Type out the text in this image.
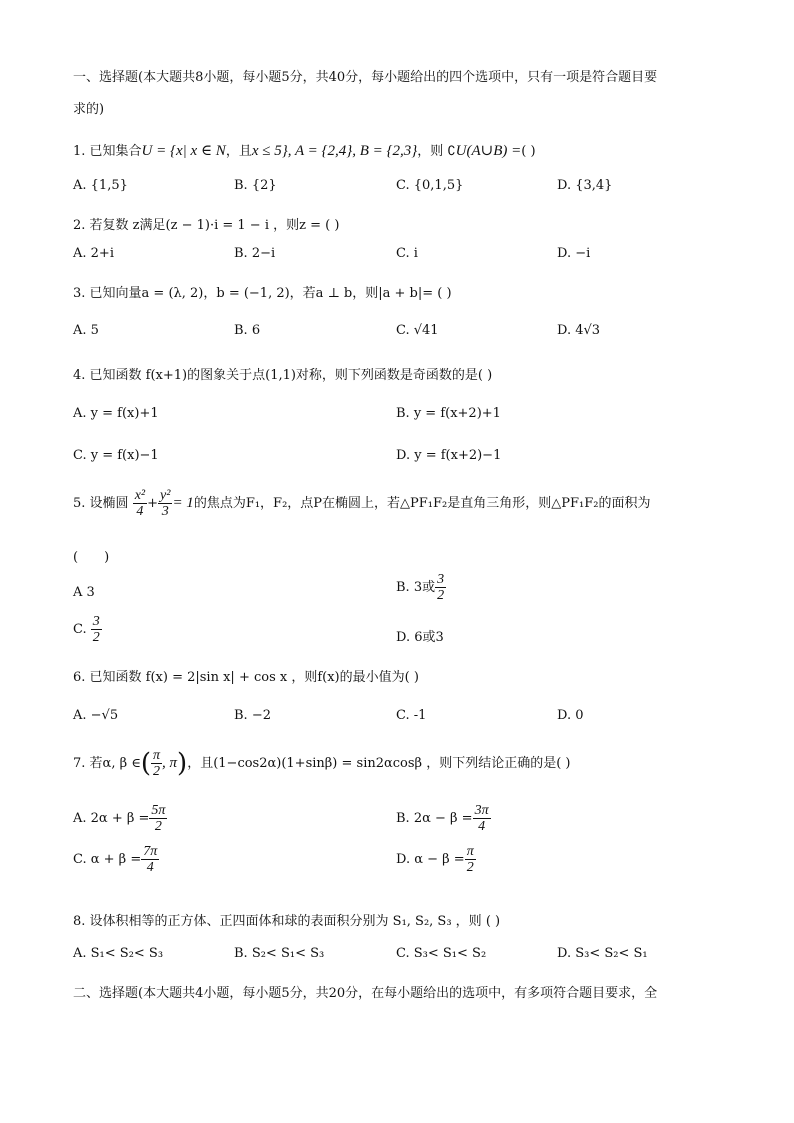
一、选择题(本大题共8小题，每小题5分，共40分，每小题给出的四个选项中，只有一项是符合题目要
求的)
1. 已知集合U = {x| x ∈ N，且x ≤ 5}, A = {2,4}, B = {2,3}，则 ∁U(A∪B) =( )
A. {1,5}	B. {2}	C. {0,1,5}	D. {3,4}
2. 若复数 z满足(z − 1)·i = 1 − i ，则z = ( )
A. 2+i	B. 2−i	C. i	D. −i
3. 已知向量a = (λ, 2)，b = (−1, 2)，若a ⊥ b，则|a + b|= ( )
A. 5	B. 6	C. √41	D. 4√3
4. 已知函数 f(x+1)的图象关于点(1,1)对称，则下列函数是奇函数的是( )
A. y = f(x)+1	B. y = f(x+2)+1
C. y = f(x)−1	D. y = f(x+2)−1
5. 设椭圆 $\frac{\text{x²}}{4} + \frac{\text{y²}}{3} = 1$的焦点为F₁，F₂，点P在椭圆上，若△PF₁F₂是直角三角形，则△PF₁F₂的面积为
(　　)
A 3	B. 3或 $\frac{3}{2}$
C. $\frac{3}{2}$	D. 6或3
6. 已知函数 f(x) = 2|sin x| + cos x ，则f(x)的最小值为( )
A. −√5	B. −2	C. -1	D. 0
7. 若α, β ∈( $\frac{\pi}{2}$ , π)，且(1−cos2α)(1+sinβ) = sin2αcosβ ，则下列结论正确的是( )
A. $2\alpha + \beta = \frac{5\pi}{2}$	B. $2\alpha - \beta = \frac{3\pi}{4}$
C. $\alpha + \beta = \frac{7\pi}{4}$	D. $\alpha - \beta = \frac{\pi}{2}$
8. 设体积相等的正方体、正四面体和球的表面积分别为 S₁, S₂, S₃ ，则 ( )
A. S₁< S₂< S₃	B. S₂< S₁< S₃	C. S₃< S₁< S₂	D. S₃< S₂< S₁
二、选择题(本大题共4小题，每小题5分，共20分，在每小题给出的选项中，有多项符合题目要求，全
